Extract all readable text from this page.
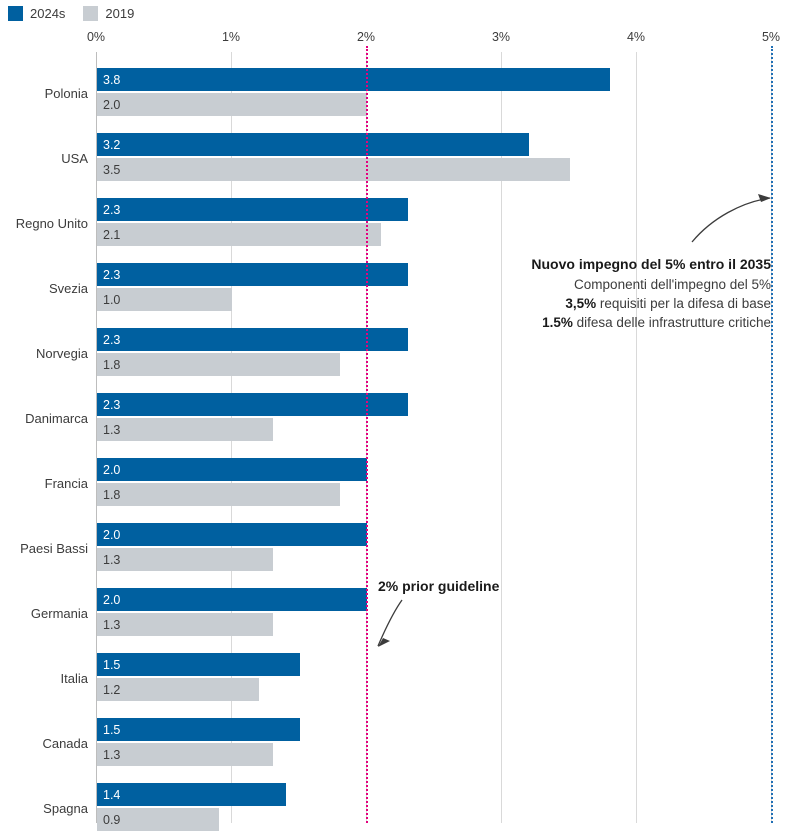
2024s	2019
0%	1%	2%	3%	4%	5%
Polonia
3.8
2.0
USA
3.2
3.5
Regno Unito
2.3
2.1
Svezia
2.3
1.0
Norvegia
2.3
1.8
Danimarca
2.3
1.3
Francia
2.0
1.8
Paesi Bassi
2.0
1.3
Germania
2.0
1.3
Italia
1.5
1.2
Canada
1.5
1.3
Spagna
1.4
0.9
2% prior guideline
Nuovo impegno del 5% entro il 2035
Componenti dell'impegno del 5%
3,5% requisiti per la difesa di base
1.5% difesa delle infrastrutture critiche
